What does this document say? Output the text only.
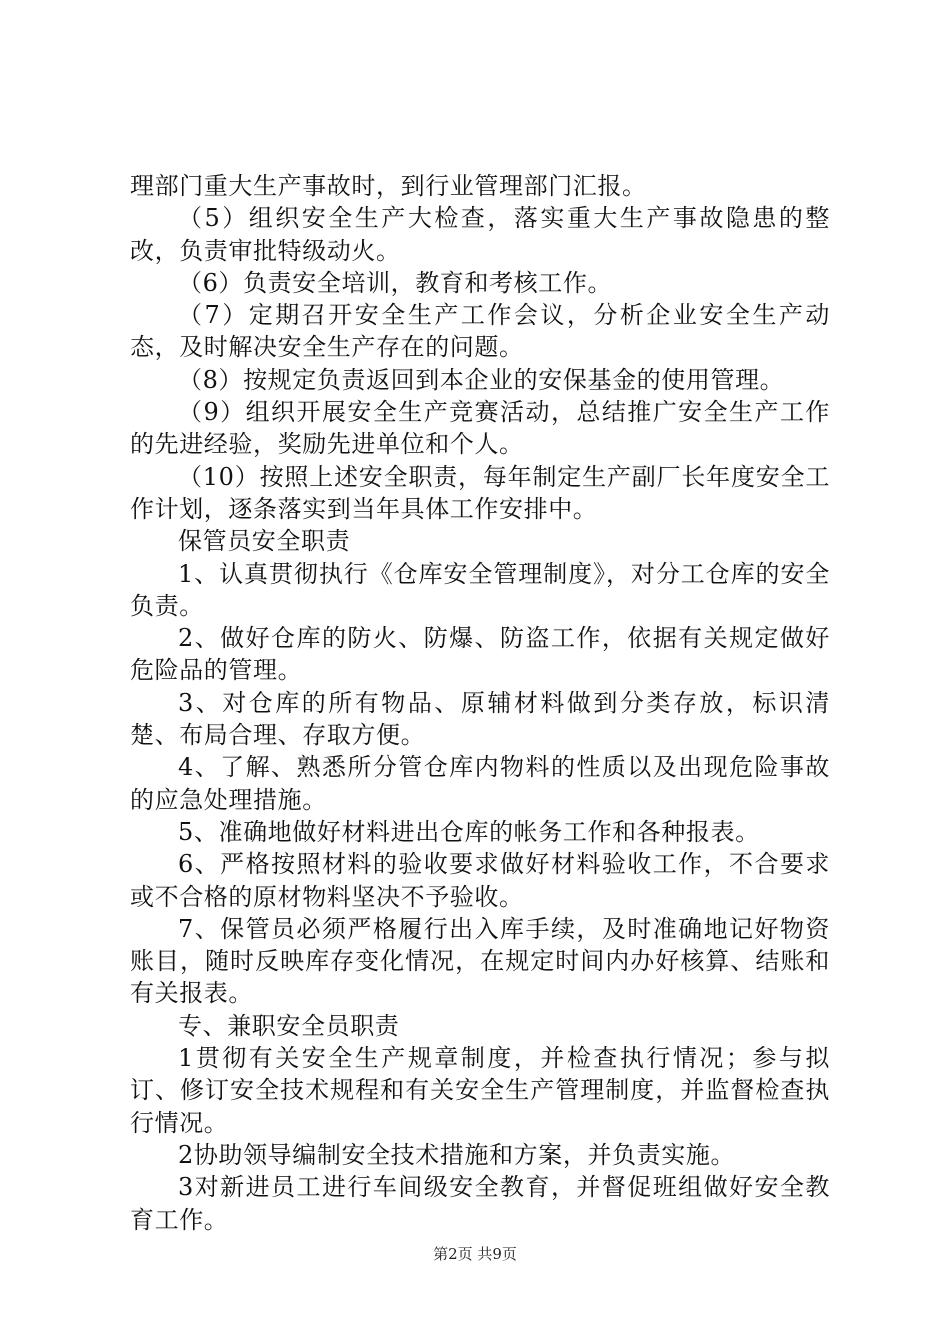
理部门重大生产事故时，到行业管理部门汇报。

（5）组织安全生产大检查，落实重大生产事故隐患的整改，负责审批特级动火。

（6）负责安全培训，教育和考核工作。

（7）定期召开安全生产工作会议，分析企业安全生产动态，及时解决安全生产存在的问题。

（8）按规定负责返回到本企业的安保基金的使用管理。

（9）组织开展安全生产竞赛活动，总结推广安全生产工作的先进经验，奖励先进单位和个人。

（10）按照上述安全职责，每年制定生产副厂长年度安全工作计划，逐条落实到当年具体工作安排中。

保管员安全职责

1、认真贯彻执行《仓库安全管理制度》，对分工仓库的安全负责。

2、做好仓库的防火、防爆、防盗工作，依据有关规定做好危险品的管理。

3、对仓库的所有物品、原辅材料做到分类存放，标识清楚、布局合理、存取方便。

4、了解、熟悉所分管仓库内物料的性质以及出现危险事故的应急处理措施。

5、准确地做好材料进出仓库的帐务工作和各种报表。

6、严格按照材料的验收要求做好材料验收工作，不合要求或不合格的原材物料坚决不予验收。

7、保管员必须严格履行出入库手续，及时准确地记好物资账目，随时反映库存变化情况，在规定时间内办好核算、结账和有关报表。

专、兼职安全员职责

1贯彻有关安全生产规章制度，并检查执行情况；参与拟订、修订安全技术规程和有关安全生产管理制度，并监督检查执行情况。

2协助领导编制安全技术措施和方案，并负责实施。

3对新进员工进行车间级安全教育，并督促班组做好安全教育工作。

第2页 共9页
